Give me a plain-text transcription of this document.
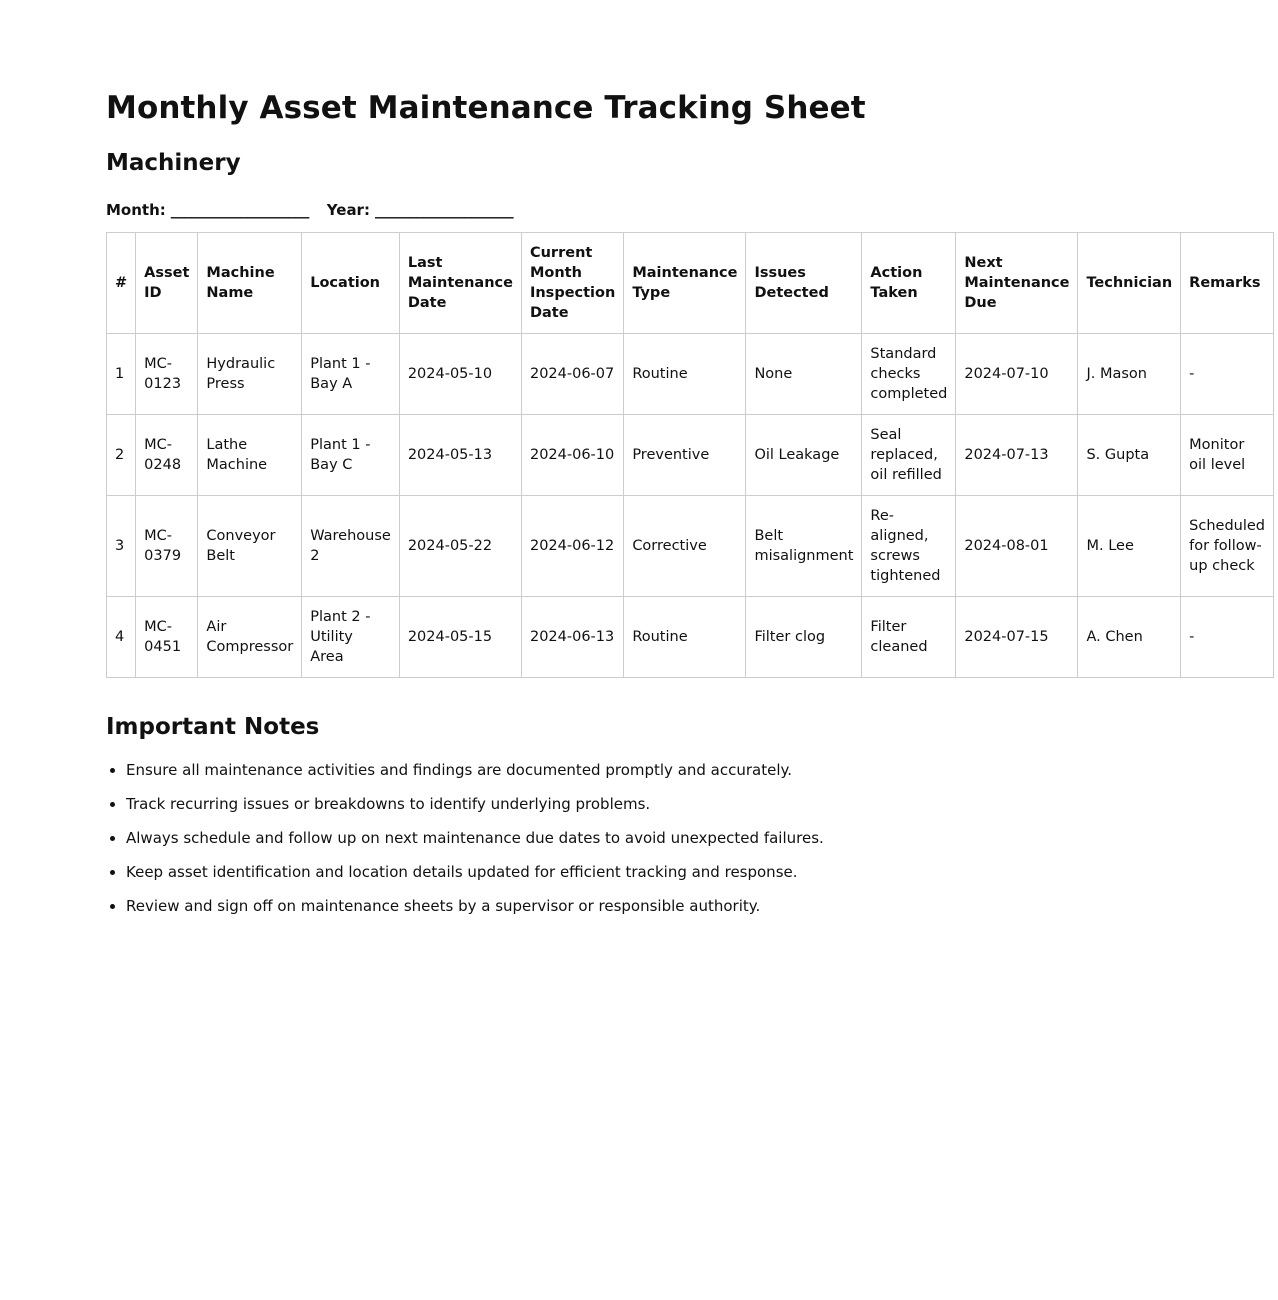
Monthly Asset Maintenance Tracking Sheet
Machinery
Month: ____________________ Year: ____________________
#	Asset ID	Machine Name	Location	Last Maintenance Date	Current Month Inspection Date	Maintenance Type	Issues Detected	Action Taken	Next Maintenance Due	Technician	Remarks
1	MC-0123	Hydraulic Press	Plant 1 - Bay A	2024-05-10	2024-06-07	Routine	None	Standard checks completed	2024-07-10	J. Mason	-
2	MC-0248	Lathe Machine	Plant 1 - Bay C	2024-05-13	2024-06-10	Preventive	Oil Leakage	Seal replaced, oil refilled	2024-07-13	S. Gupta	Monitor oil level
3	MC-0379	Conveyor Belt	Warehouse 2	2024-05-22	2024-06-12	Corrective	Belt misalignment	Re-aligned, screws tightened	2024-08-01	M. Lee	Scheduled for follow-up check
4	MC-0451	Air Compressor	Plant 2 - Utility Area	2024-05-15	2024-06-13	Routine	Filter clog	Filter cleaned	2024-07-15	A. Chen	-
Important Notes
• Ensure all maintenance activities and findings are documented promptly and accurately.
• Track recurring issues or breakdowns to identify underlying problems.
• Always schedule and follow up on next maintenance due dates to avoid unexpected failures.
• Keep asset identification and location details updated for efficient tracking and response.
• Review and sign off on maintenance sheets by a supervisor or responsible authority.
